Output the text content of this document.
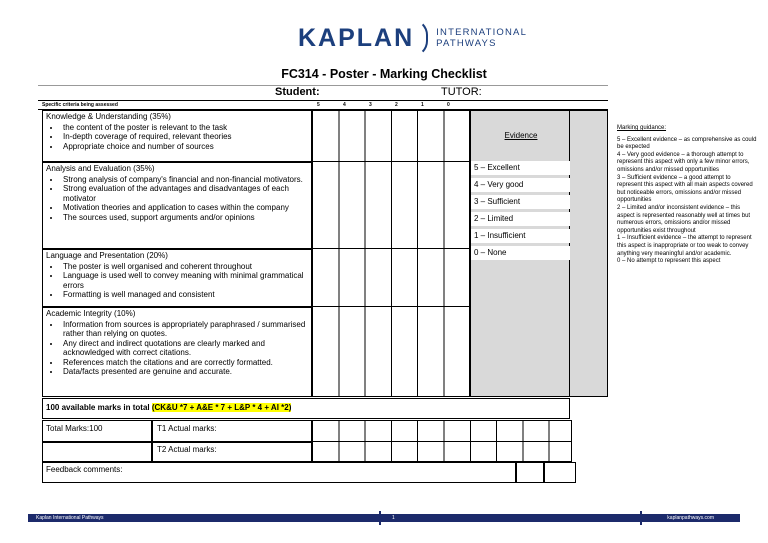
KAPLAN INTERNATIONAL
PATHWAYS
FC314 - Poster - Marking Checklist
Student:	TUTOR:
Specific criteria being assessed	5	4	3	2	1	0
Knowledge & Understanding (35%)
• the content of the poster is relevant to the task
• In-depth coverage of required, relevant theories
• Appropriate choice and number of sources
Analysis and Evaluation (35%)
• Strong analysis of company's financial and non-financial motivators.
• Strong evaluation of the advantages and disadvantages of each motivator
• Motivation theories and application to cases within the company
• The sources used, support arguments and/or opinions
Language and Presentation (20%)
• The poster is well organised and coherent throughout
• Language is used well to convey meaning with minimal grammatical errors
• Formatting is well managed and consistent
Academic Integrity (10%)
• Information from sources is appropriately paraphrased / summarised rather than relying on quotes.
• Any direct and indirect quotations are clearly marked and acknowledged with correct citations.
• References match the citations and are correctly formatted.
• Data/facts presented are genuine and accurate.
Evidence
5 – Excellent
4 – Very good
3 – Sufficient
2 – Limited
1 – Insufficient
0 – None
Marking guidance:
5 – Excellent evidence – as comprehensive as could be expected
4 – Very good evidence – a thorough attempt to represent this aspect with only a few minor errors, omissions and/or missed opportunities
3 – Sufficient evidence – a good attempt to represent this aspect with all main aspects covered but noticeable errors, omissions and/or missed opportunities
2 – Limited and/or inconsistent evidence – this aspect is represented reasonably well at times but numerous errors, omissions and/or missed opportunities exist throughout
1 – Insufficient evidence – the attempt to represent this aspect is inappropriate or too weak to convey anything very meaningful and/or academic.
0 – No attempt to represent this aspect
100 available marks in total (CK&U *7 + A&E * 7 + L&P * 4 + AI *2)
Total Marks:100	T1 Actual marks:
T2 Actual marks:
Feedback comments:
Kaplan International Pathways	1	kaplanpathways.com
